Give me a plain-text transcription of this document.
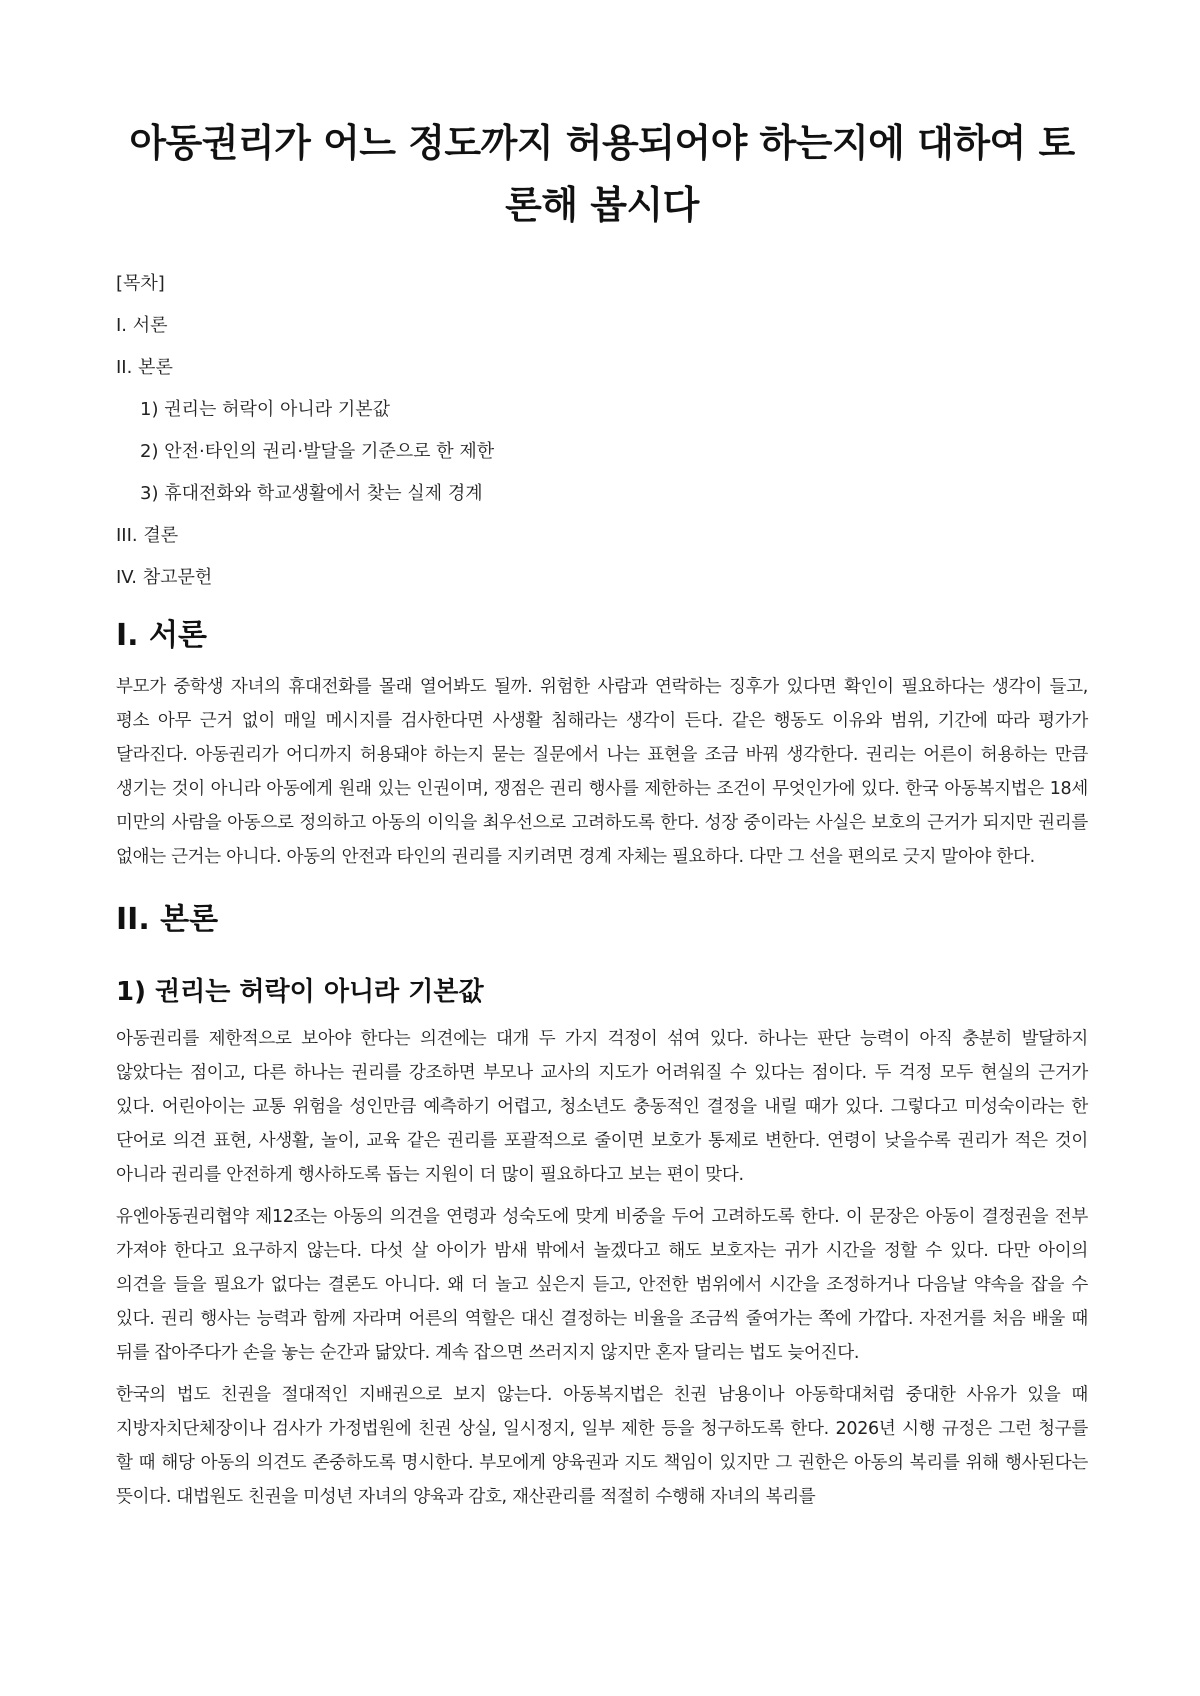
아동권리가 어느 정도까지 허용되어야 하는지에 대하여 토론해 봅시다
[목차]
I. 서론
II. 본론
1) 권리는 허락이 아니라 기본값
2) 안전·타인의 권리·발달을 기준으로 한 제한
3) 휴대전화와 학교생활에서 찾는 실제 경계
III. 결론
IV. 참고문헌
I. 서론

부모가 중학생 자녀의 휴대전화를 몰래 열어봐도 될까. 위험한 사람과 연락하는 징후가 있다면 확인이 필요하다는 생각이 들고, 평소 아무 근거 없이 매일 메시지를 검사한다면 사생활 침해라는 생각이 든다. 같은 행동도 이유와 범위, 기간에 따라 평가가 달라진다. 아동권리가 어디까지 허용돼야 하는지 묻는 질문에서 나는 표현을 조금 바꿔 생각한다. 권리는 어른이 허용하는 만큼 생기는 것이 아니라 아동에게 원래 있는 인권이며, 쟁점은 권리 행사를 제한하는 조건이 무엇인가에 있다. 한국 아동복지법은 18세 미만의 사람을 아동으로 정의하고 아동의 이익을 최우선으로 고려하도록 한다. 성장 중이라는 사실은 보호의 근거가 되지만 권리를 없애는 근거는 아니다. 아동의 안전과 타인의 권리를 지키려면 경계 자체는 필요하다. 다만 그 선을 편의로 긋지 말아야 한다.

II. 본론
1) 권리는 허락이 아니라 기본값

아동권리를 제한적으로 보아야 한다는 의견에는 대개 두 가지 걱정이 섞여 있다. 하나는 판단 능력이 아직 충분히 발달하지 않았다는 점이고, 다른 하나는 권리를 강조하면 부모나 교사의 지도가 어려워질 수 있다는 점이다. 두 걱정 모두 현실의 근거가 있다. 어린아이는 교통 위험을 성인만큼 예측하기 어렵고, 청소년도 충동적인 결정을 내릴 때가 있다. 그렇다고 미성숙이라는 한 단어로 의견 표현, 사생활, 놀이, 교육 같은 권리를 포괄적으로 줄이면 보호가 통제로 변한다. 연령이 낮을수록 권리가 적은 것이 아니라 권리를 안전하게 행사하도록 돕는 지원이 더 많이 필요하다고 보는 편이 맞다.

유엔아동권리협약 제12조는 아동의 의견을 연령과 성숙도에 맞게 비중을 두어 고려하도록 한다. 이 문장은 아동이 결정권을 전부 가져야 한다고 요구하지 않는다. 다섯 살 아이가 밤새 밖에서 놀겠다고 해도 보호자는 귀가 시간을 정할 수 있다. 다만 아이의 의견을 들을 필요가 없다는 결론도 아니다. 왜 더 놀고 싶은지 듣고, 안전한 범위에서 시간을 조정하거나 다음날 약속을 잡을 수 있다. 권리 행사는 능력과 함께 자라며 어른의 역할은 대신 결정하는 비율을 조금씩 줄여가는 쪽에 가깝다. 자전거를 처음 배울 때 뒤를 잡아주다가 손을 놓는 순간과 닮았다. 계속 잡으면 쓰러지지 않지만 혼자 달리는 법도 늦어진다.

한국의 법도 친권을 절대적인 지배권으로 보지 않는다. 아동복지법은 친권 남용이나 아동학대처럼 중대한 사유가 있을 때 지방자치단체장이나 검사가 가정법원에 친권 상실, 일시정지, 일부 제한 등을 청구하도록 한다. 2026년 시행 규정은 그런 청구를 할 때 해당 아동의 의견도 존중하도록 명시한다. 부모에게 양육권과 지도 책임이 있지만 그 권한은 아동의 복리를 위해 행사된다는 뜻이다. 대법원도 친권을 미성년 자녀의 양육과 감호, 재산관리를 적절히 수행해 자녀의 복리를
